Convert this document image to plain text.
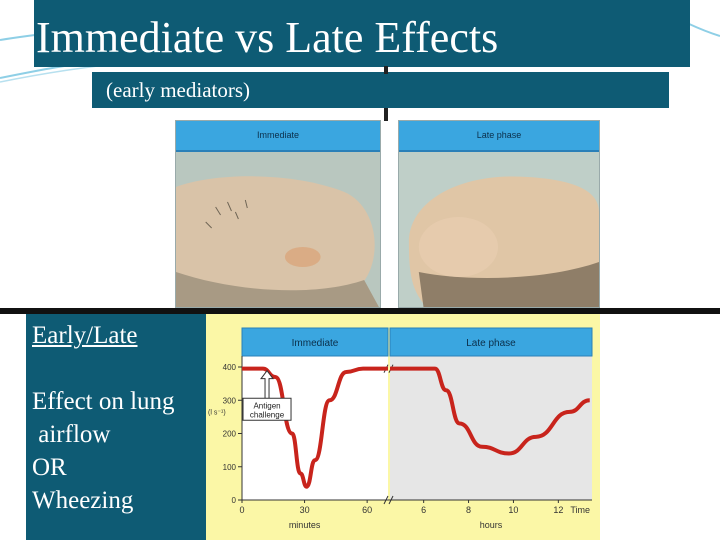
Immediate vs Late Effects
(early mediators)
Immediate	Late phase
Early/Late
Effect on lung
airflow
OR
Wheezing
Immediate	Late phase
400
300
200
100
0
(l s⁻¹)
0	30	60
minutes
6	8	10	12
hours
Time
Antigen
challenge
